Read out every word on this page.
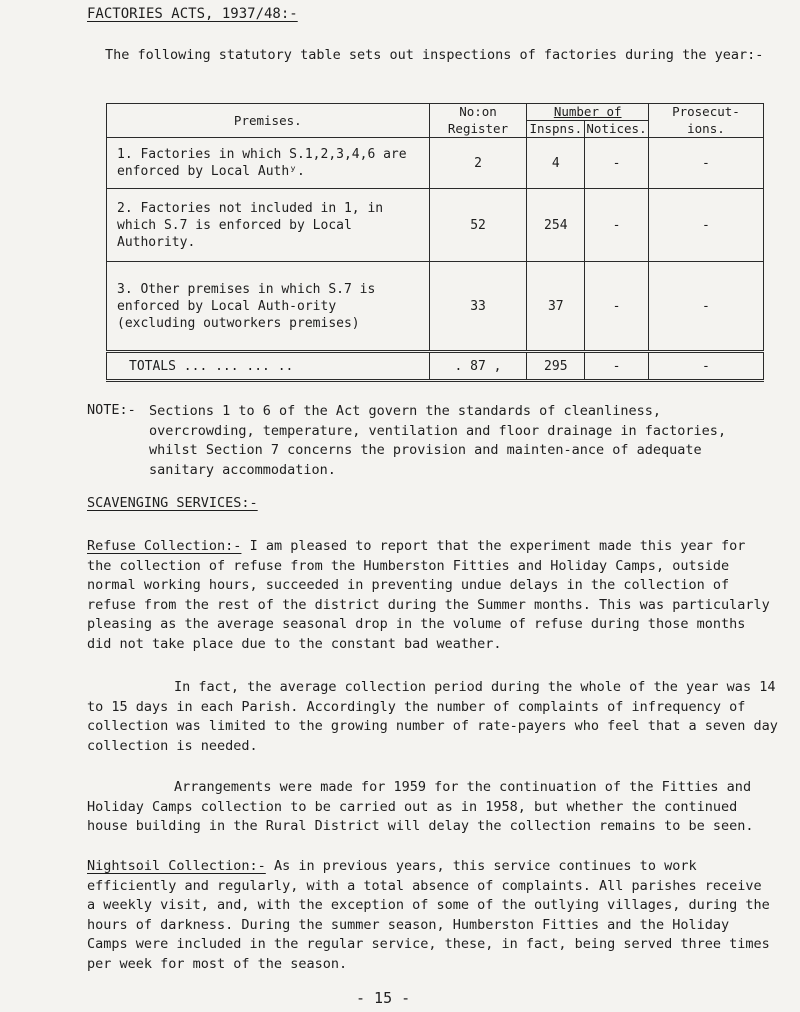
FACTORIES ACTS, 1937/48:-

The following statutory table sets out inspections of factories during the year:-

Premises.	No:on	Number of		Prosecut-
	Register	Inspns.	Notices.	ions.

1. Factories in which S.1,2,3,4,6 are enforced by Local Authʸ.	2	4	-	-

2. Factories not included in 1, in which S.7 is enforced by Local Authority.	52	254	-	-

3. Other premises in which S.7 is enforced by Local Auth-ority (excluding outworkers premises)	33	37	-	-
TOTALS ... ... ... ..	. 87 ,	295	-	-
NOTE:- Sections 1 to 6 of the Act govern the standards of cleanliness, overcrowding, temperature, ventilation and floor drainage in factories, whilst Section 7 concerns the provision and mainten-ance of adequate sanitary accommodation.

SCAVENGING SERVICES:-

Refuse Collection:- I am pleased to report that the experiment made this year for the collection of refuse from the Humberston Fitties and Holiday Camps, outside normal working hours, succeeded in preventing undue delays in the collection of refuse from the rest of the district during the Summer months. This was particularly pleasing as the average seasonal drop in the volume of refuse during those months did not take place due to the constant bad weather.

In fact, the average collection period during the whole of the year was 14 to 15 days in each Parish. Accordingly the number of complaints of infrequency of collection was limited to the growing number of rate-payers who feel that a seven day collection is needed.

Arrangements were made for 1959 for the continuation of the Fitties and Holiday Camps collection to be carried out as in 1958, but whether the continued house building in the Rural District will delay the collection remains to be seen.

Nightsoil Collection:- As in previous years, this service continues to work efficiently and regularly, with a total absence of complaints. All parishes receive a weekly visit, and, with the exception of some of the outlying villages, during the hours of darkness. During the summer season, Humberston Fitties and the Holiday Camps were included in the regular service, these, in fact, being served three times per week for most of the season.

- 15 -
